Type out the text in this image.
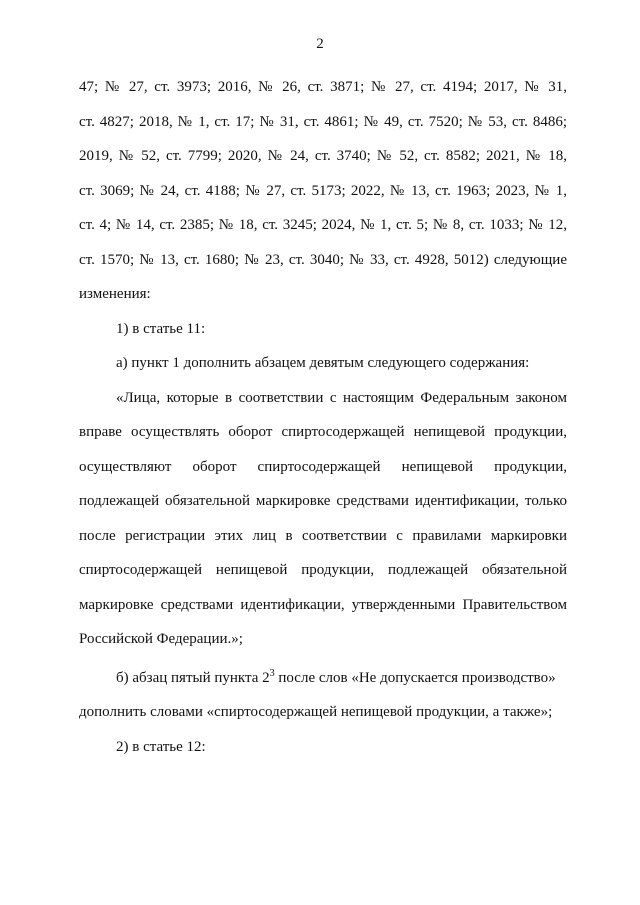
2

47; № 27, ст. 3973; 2016, № 26, ст. 3871; № 27, ст. 4194; 2017, № 31,

ст. 4827; 2018, № 1, ст. 17; № 31, ст. 4861; № 49, ст. 7520; № 53, ст. 8486;

2019, № 52, ст. 7799; 2020, № 24, ст. 3740; № 52, ст. 8582; 2021, № 18,

ст. 3069; № 24, ст. 4188; № 27, ст. 5173; 2022, № 13, ст. 1963; 2023, № 1,

ст. 4; № 14, ст. 2385; № 18, ст. 3245; 2024, № 1, ст. 5; № 8, ст. 1033; № 12,

ст. 1570; № 13, ст. 1680; № 23, ст. 3040; № 33, ст. 4928, 5012) следующие

изменения:

1) в статье 11:

а) пункт 1 дополнить абзацем девятым следующего содержания:

«Лица, которые в соответствии с настоящим Федеральным законом

вправе осуществлять оборот спиртосодержащей непищевой продукции,

осуществляют оборот спиртосодержащей непищевой продукции,

подлежащей обязательной маркировке средствами идентификации, только

после регистрации этих лиц в соответствии с правилами маркировки

спиртосодержащей непищевой продукции, подлежащей обязательной

маркировке средствами идентификации, утвержденными Правительством

Российской Федерации.»;

б) абзац пятый пункта $2^3$ после слов «Не допускается производство»

дополнить словами «спиртосодержащей непищевой продукции, а также»;

2) в статье 12:
